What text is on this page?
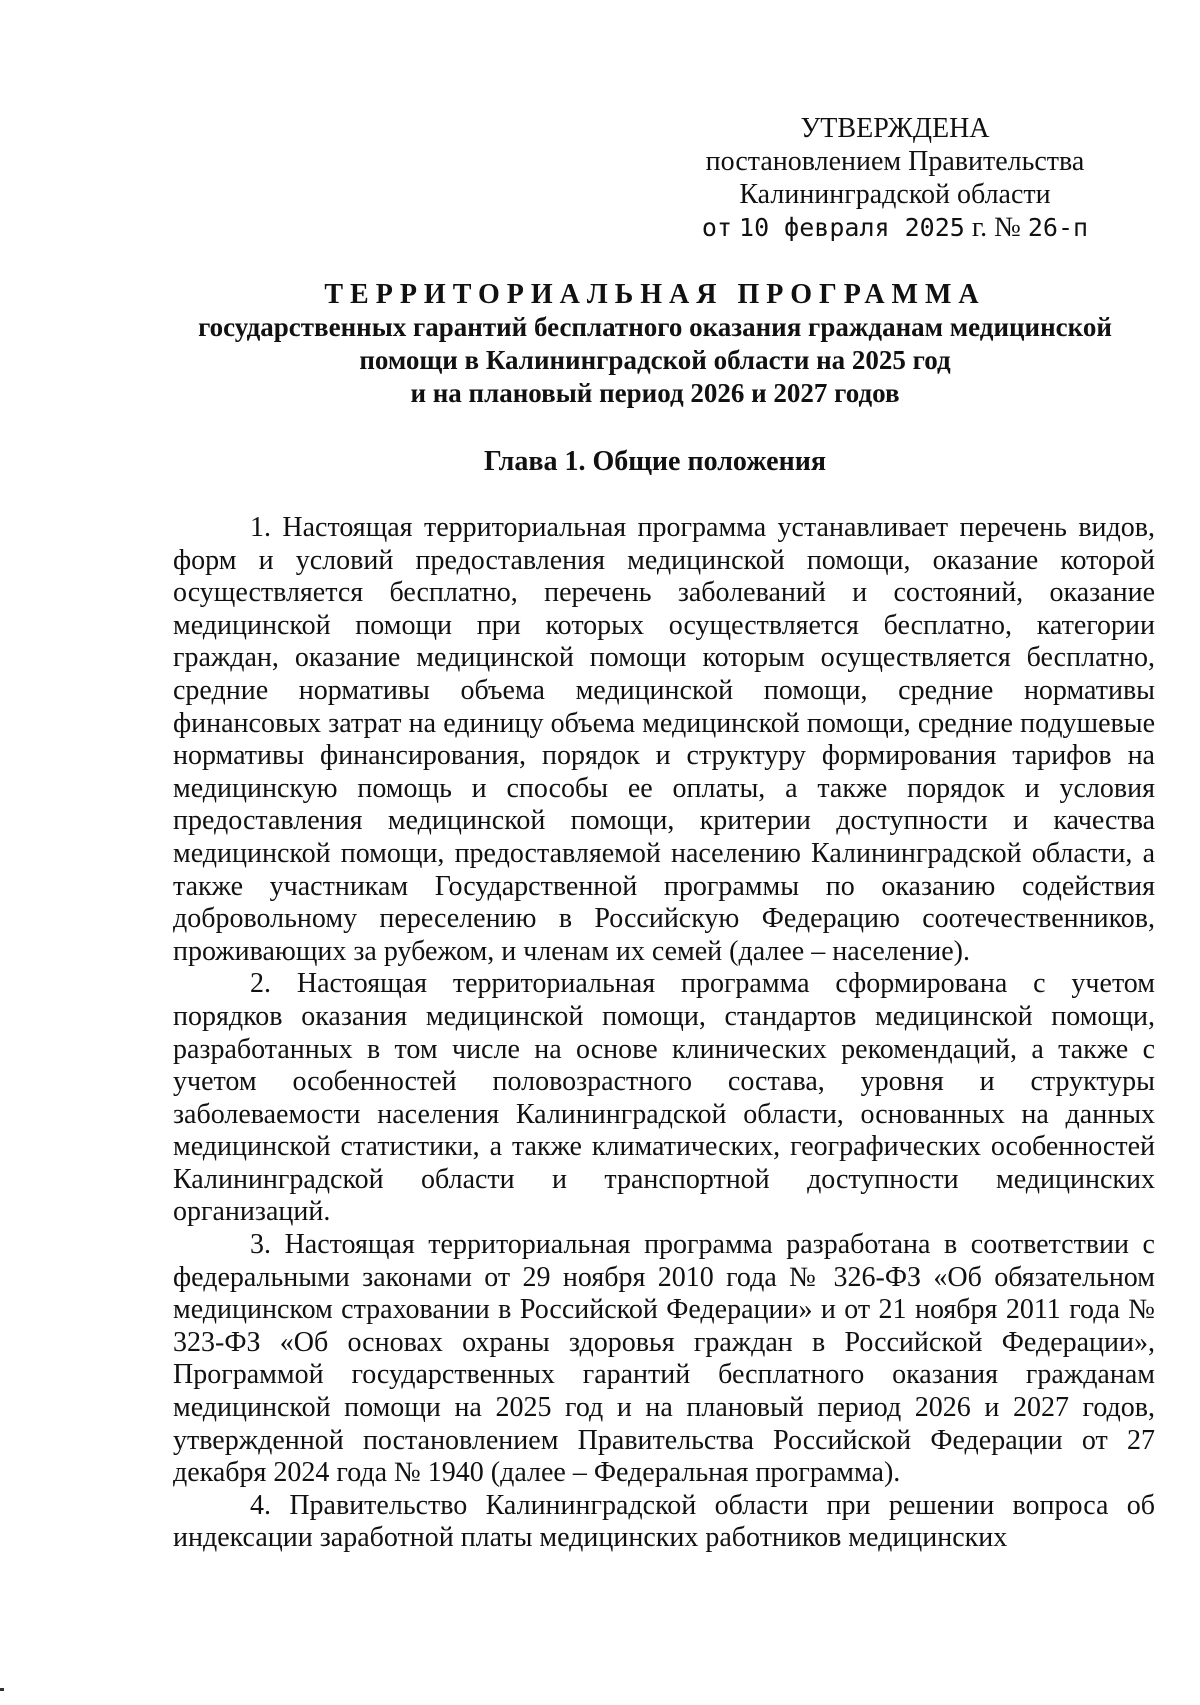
УТВЕРЖДЕНА
постановлением Правительства
Калининградской области
от 10 февраля 2025 г. № 26-п
ТЕРРИТОРИАЛЬНАЯ ПРОГРАММА
государственных гарантий бесплатного оказания гражданам медицинской
помощи в Калининградской области на 2025 год
и на плановый период 2026 и 2027 годов
Глава 1. Общие положения

1. Настоящая территориальная программа устанавливает перечень видов, форм и условий предоставления медицинской помощи, оказание которой осуществляется бесплатно, перечень заболеваний и состояний, оказание медицинской помощи при которых осуществляется бесплатно, категории граждан, оказание медицинской помощи которым осуществляется бесплатно, средние нормативы объема медицинской помощи, средние нормативы финансовых затрат на единицу объема медицинской помощи, средние подушевые нормативы финансирования, порядок и структуру формирования тарифов на медицинскую помощь и способы ее оплаты, а также порядок и условия предоставления медицинской помощи, критерии доступности и качества медицинской помощи, предоставляемой населению Калининградской области, а также участникам Государственной программы по оказанию содействия добровольному переселению в Российскую Федерацию соотечественников, проживающих за рубежом, и членам их семей (далее – население).

2. Настоящая территориальная программа сформирована с учетом порядков оказания медицинской помощи, стандартов медицинской помощи, разработанных в том числе на основе клинических рекомендаций, а также с учетом особенностей половозрастного состава, уровня и структуры заболеваемости населения Калининградской области, основанных на данных медицинской статистики, а также климатических, географических особенностей Калининградской области и транспортной доступности медицинских организаций.

3. Настоящая территориальная программа разработана в соответствии с федеральными законами от 29 ноября 2010 года № 326-ФЗ «Об обязательном медицинском страховании в Российской Федерации» и от 21 ноября 2011 года № 323-ФЗ «Об основах охраны здоровья граждан в Российской Федерации», Программой государственных гарантий бесплатного оказания гражданам медицинской помощи на 2025 год и на плановый период 2026 и 2027 годов, утвержденной постановлением Правительства Российской Федерации от 27 декабря 2024 года № 1940 (далее – Федеральная программа).

4. Правительство Калининградской области при решении вопроса об индексации заработной платы медицинских работников медицинских
